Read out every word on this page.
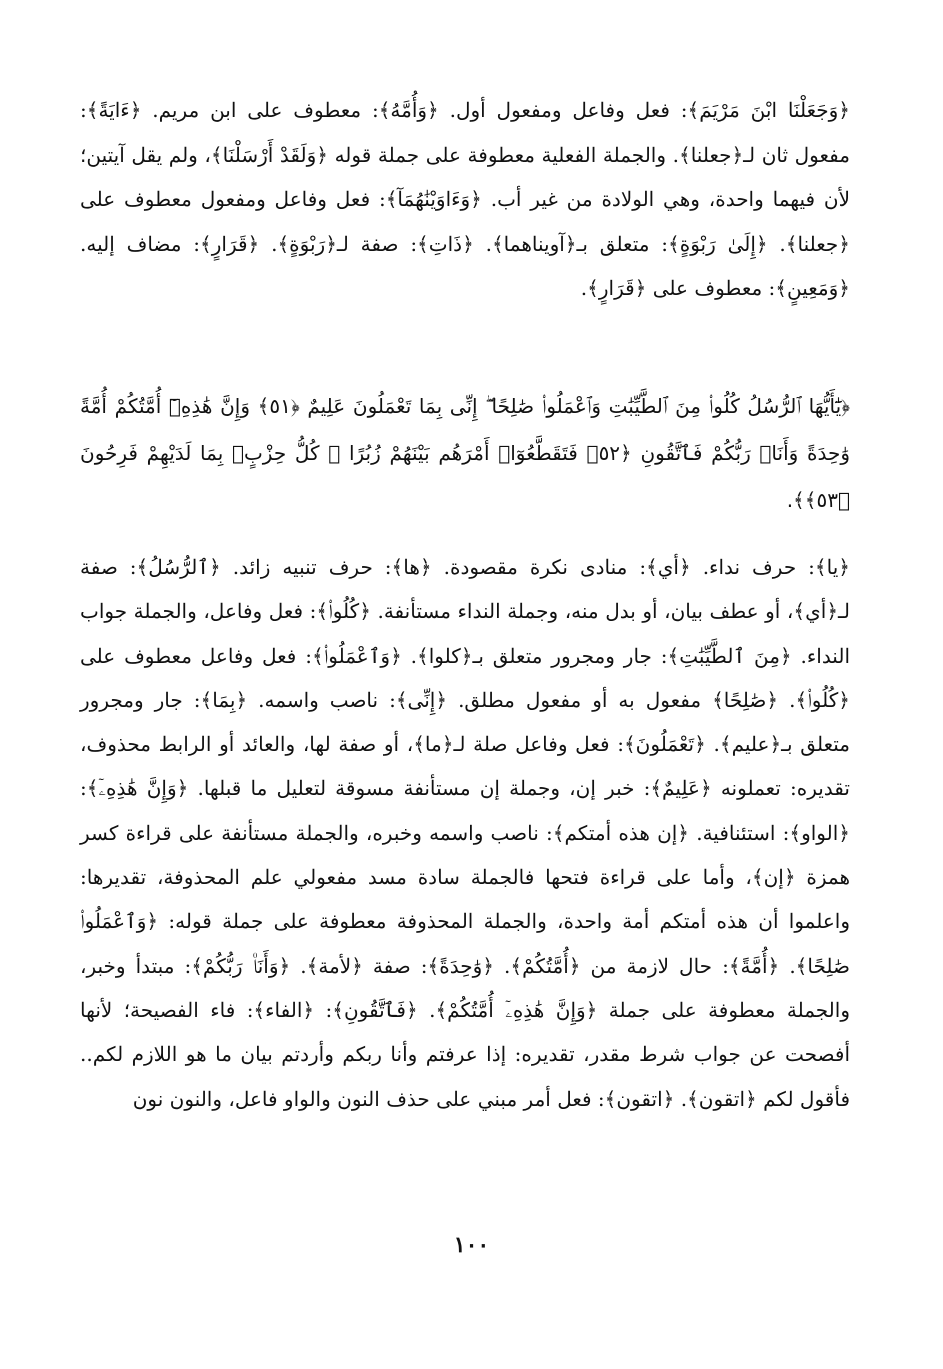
﴿وَجَعَلْنَا ابْنَ مَرْيَمَ﴾: فعل وفاعل ومفعول أول. ﴿وَأُمَّهُ﴾: معطوف على ابن مريم. ﴿ءَايَةً﴾: مفعول ثان لـ﴿جعلنا﴾. والجملة الفعلية معطوفة على جملة قوله ﴿وَلَقَدْ أَرْسَلْنَا﴾، ولم يقل آيتين؛ لأن فيهما واحدة، وهي الولادة من غير أب. ﴿وَءَاوَيْنَٰهُمَآ﴾: فعل وفاعل ومفعول معطوف على ﴿جعلنا﴾. ﴿إِلَىٰ رَبْوَةٍ﴾: متعلق بـ﴿آويناهما﴾. ﴿ذَاتِ﴾: صفة لـ﴿رَبْوَةٍ﴾. ﴿قَرَارٍ﴾: مضاف إليه. ﴿وَمَعِينٍ﴾: معطوف على ﴿قَرَارٍ﴾.

﴿يَٰٓأَيُّهَا ٱلرُّسُلُ كُلُوا۟ مِنَ ٱلطَّيِّبَٰتِ وَٱعْمَلُوا۟ صَٰلِحًا ۖ إِنِّى بِمَا تَعْمَلُونَ عَلِيمٌ ﴿٥١﴾ وَإِنَّ هَٰذِهِۦٓ أُمَّتُكُمْ أُمَّةً وَٰحِدَةً وَأَنَا۠ رَبُّكُمْ فَٱتَّقُونِ ﴿٥٢﴾ فَتَقَطَّعُوٓا۟ أَمْرَهُم بَيْنَهُمْ زُبُرًا ۖ كُلُّ حِزْبٍۭ بِمَا لَدَيْهِمْ فَرِحُونَ ﴿٥٣﴾﴾.

﴿يا﴾: حرف نداء. ﴿أي﴾: منادى نكرة مقصودة. ﴿ها﴾: حرف تنبيه زائد. ﴿ٱلرُّسُلُ﴾: صفة لـ﴿أي﴾، أو عطف بيان، أو بدل منه، وجملة النداء مستأنفة. ﴿كُلُوا۟﴾: فعل وفاعل، والجملة جواب النداء. ﴿مِنَ ٱلطَّيِّبَٰتِ﴾: جار ومجرور متعلق بـ﴿كلوا﴾. ﴿وَٱعْمَلُوا۟﴾: فعل وفاعل معطوف على ﴿كُلُوا۟﴾. ﴿صَٰلِحًا﴾ مفعول به أو مفعول مطلق. ﴿إِنِّى﴾: ناصب واسمه. ﴿بِمَا﴾: جار ومجرور متعلق بـ﴿عليم﴾. ﴿تَعْمَلُونَ﴾: فعل وفاعل صلة لـ﴿ما﴾، أو صفة لها، والعائد أو الرابط محذوف، تقديره: تعملونه ﴿عَلِيمٌ﴾: خبر إن، وجملة إن مستأنفة مسوقة لتعليل ما قبلها. ﴿وَإِنَّ هَٰذِهِۦٓ﴾: ﴿الواو﴾: استئنافية. ﴿إن هذه أمتكم﴾: ناصب واسمه وخبره، والجملة مستأنفة على قراءة كسر همزة ﴿إن﴾، وأما على قراءة فتحها فالجملة سادة مسد مفعولي علم المحذوفة، تقديرها: واعلموا أن هذه أمتكم أمة واحدة، والجملة المحذوفة معطوفة على جملة قوله: ﴿وَٱعْمَلُوا۟ صَٰلِحًا﴾. ﴿أُمَّةً﴾: حال لازمة من ﴿أُمَّتُكُمْ﴾. ﴿وَٰحِدَةً﴾: صفة ﴿لأمة﴾. ﴿وَأَنَا۠ رَبُّكُمْ﴾: مبتدأ وخبر، والجملة معطوفة على جملة ﴿وَإِنَّ هَٰذِهِۦٓ أُمَّتُكُمْ﴾. ﴿فَٱتَّقُونِ﴾: ﴿الفاء﴾: فاء الفصيحة؛ لأنها أفصحت عن جواب شرط مقدر، تقديره: إذا عرفتم وأنا ربكم وأردتم بيان ما هو اللازم لكم.. فأقول لكم ﴿اتقون﴾. ﴿اتقون﴾: فعل أمر مبني على حذف النون والواو فاعل، والنون نون

١٠٠
